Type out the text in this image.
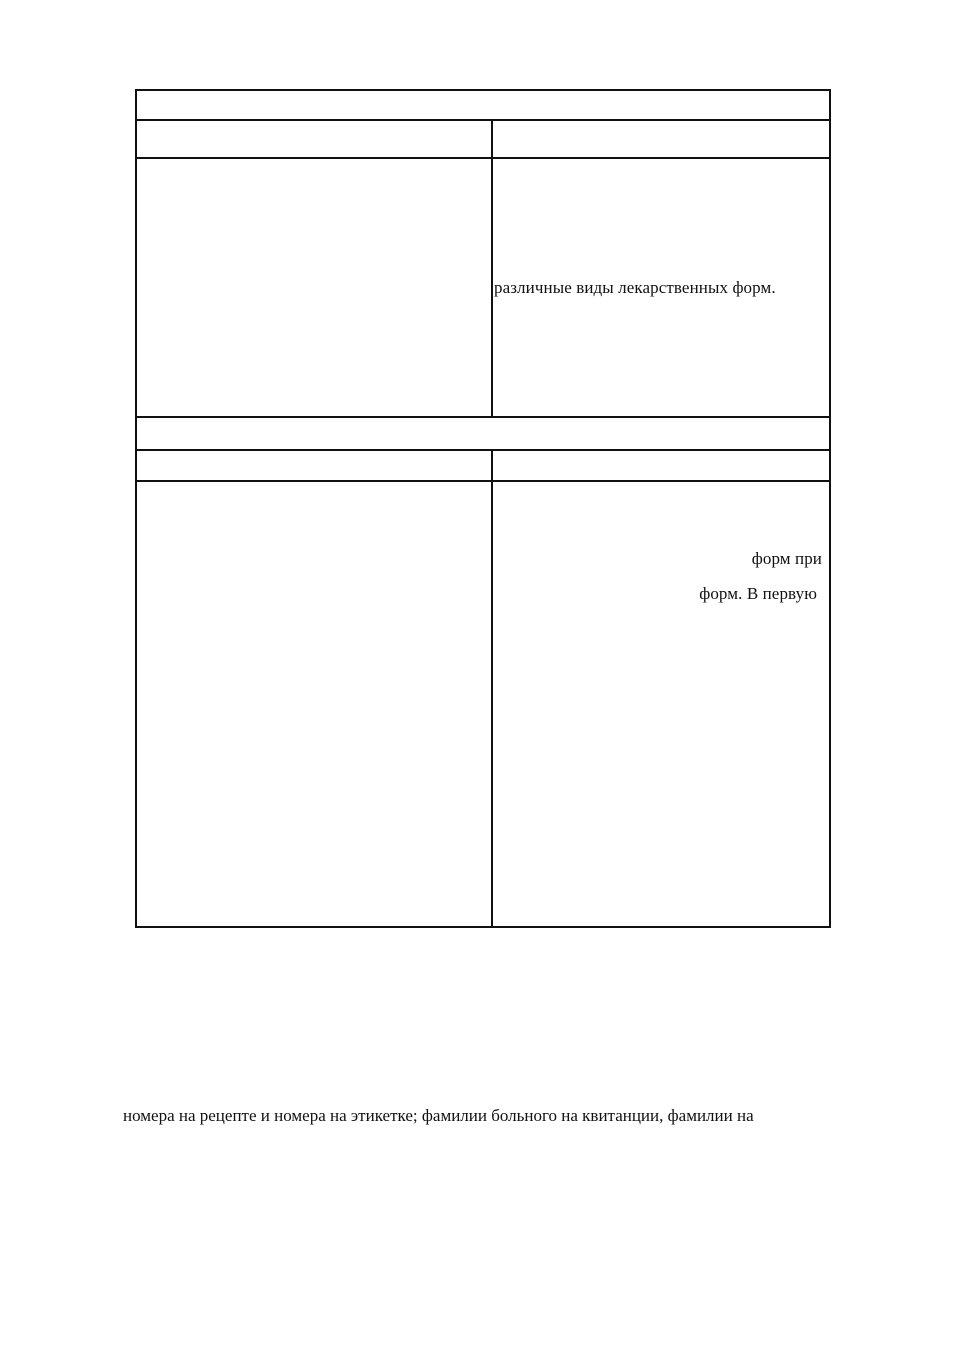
различные виды лекарственных форм.
форм при
форм. В первую
номера на рецепте и номера на этикетке; фамилии больного на квитанции, фамилии на
